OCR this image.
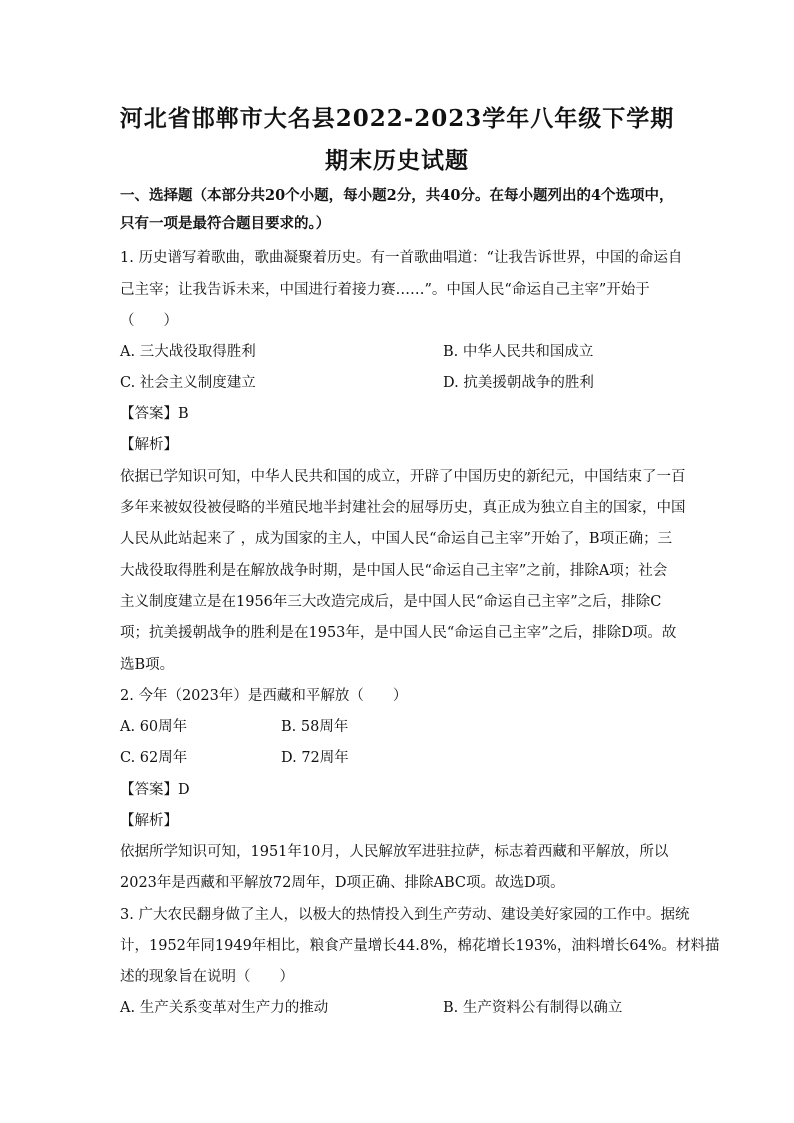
河北省邯郸市大名县2022-2023学年八年级下学期
期末历史试题
一、选择题（本部分共20个小题，每小题2分，共40分。在每小题列出的4个选项中，
只有一项是最符合题目要求的。）
1. 历史谱写着歌曲，歌曲凝聚着历史。有一首歌曲唱道：“让我告诉世界，中国的命运自
己主宰；让我告诉未来，中国进行着接力赛……”。中国人民“命运自己主宰”开始于
（　　）
A. 三大战役取得胜利	B. 中华人民共和国成立
C. 社会主义制度建立	D. 抗美援朝战争的胜利
【答案】B
【解析】
依据已学知识可知，中华人民共和国的成立，开辟了中国历史的新纪元，中国结束了一百
多年来被奴役被侵略的半殖民地半封建社会的屈辱历史，真正成为独立自主的国家，中国
人民从此站起来了 ，成为国家的主人，中国人民“命运自己主宰”开始了，B项正确；三
大战役取得胜利是在解放战争时期，是中国人民“命运自己主宰”之前，排除A项；社会
主义制度建立是在1956年三大改造完成后，是中国人民“命运自己主宰”之后，排除C
项；抗美援朝战争的胜利是在1953年，是中国人民“命运自己主宰”之后，排除D项。故
选B项。
2. 今年（2023年）是西藏和平解放（　　）
A. 60周年	B. 58周年
C. 62周年	D. 72周年
【答案】D
【解析】
依据所学知识可知，1951年10月，人民解放军进驻拉萨，标志着西藏和平解放，所以
2023年是西藏和平解放72周年，D项正确、排除ABC项。故选D项。
3. 广大农民翻身做了主人，以极大的热情投入到生产劳动、建设美好家园的工作中。据统
计，1952年同1949年相比，粮食产量增长44.8%，棉花增长193%，油料增长64%。材料描
述的现象旨在说明（　　）
A. 生产关系变革对生产力的推动	B. 生产资料公有制得以确立
